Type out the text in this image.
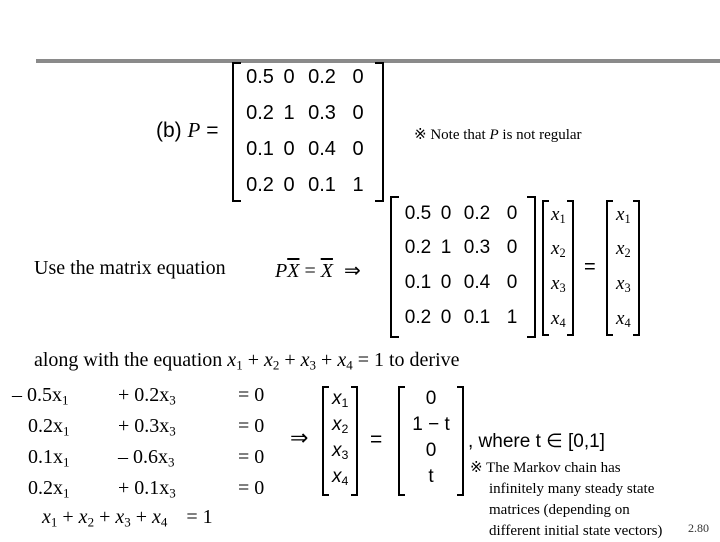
(b) P =
0.5 0 0.2 0
0.2 1 0.3 0
0.1 0 0.4 0
0.2 0 0.1 1
※ Note that P is not regular
Use the matrix equation $P\overline{X} = \overline{X}$ ⇒
0.5 0 0.2 0
0.2 1 0.3 0
0.1 0 0.4 0
0.2 0 0.1 1
$x_1$
$x_2$
$x_3$
$x_4$
=
$x_1$
$x_2$
$x_3$
$x_4$
along with the equation $x_1 + x_2 + x_3 + x_4 = 1$ to derive
– $0.5x_1 + 0.2x_3$	= 0
$0.2x_1 + 0.3x_3$	= 0
$0.1x_1 - 0.6x_3$	= 0
$0.2x_1 + 0.1x_3$	= 0
$x_1 + x_2 + x_3 + x_4 = 1$
⇒
$x_1$
$x_2$
$x_3$
$x_4$
=
0
1 − t
0
t
, where t ∈ [0,1]
※ The Markov chain has
infinitely many steady state
matrices (depending on
different initial state vectors)	2.80
